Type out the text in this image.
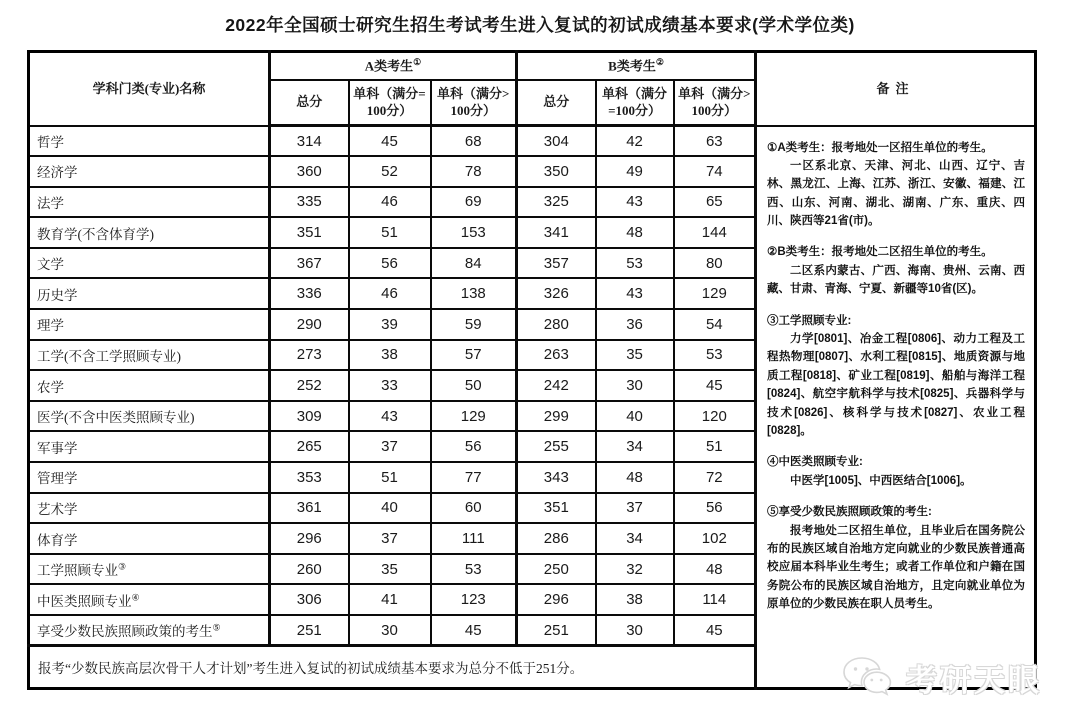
2022年全国硕士研究生招生考试考生进入复试的初试成绩基本要求(学术学位类)
学科门类(专业)名称	A类考生①			B类考生②			备注
	总分	单科（满分=100分）	单科（满分>100分）	总分	单科（满分=100分）	单科（满分>100分）	
哲学	314	45	68	304	42	63	①A类考生：报考地处一区招生单位的考生。

一区系北京、天津、河北、山西、辽宁、吉林、黑龙江、上海、江苏、浙江、安徽、福建、江西、山东、河南、湖北、湖南、广东、重庆、四川、陕西等21省(市)。

②B类考生：报考地处二区招生单位的考生。

二区系内蒙古、广西、海南、贵州、云南、西藏、甘肃、青海、宁夏、新疆等10省(区)。

③工学照顾专业:

力学[0801]、冶金工程[0806]、动力工程及工程热物理[0807]、水利工程[0815]、地质资源与地质工程[0818]、矿业工程[0819]、船舶与海洋工程[0824]、航空宇航科学与技术[0825]、兵器科学与技术[0826]、核科学与技术[0827]、农业工程[0828]。

④中医类照顾专业:

中医学[1005]、中西医结合[1006]。

⑤享受少数民族照顾政策的考生:

报考地处二区招生单位，且毕业后在国务院公布的民族区域自治地方定向就业的少数民族普通高校应届本科毕业生考生；或者工作单位和户籍在国务院公布的民族区域自治地方，且定向就业单位为原单位的少数民族在职人员考生。

经济学	360	52	78	350	49	74	
法学	335	46	69	325	43	65	
教育学(不含体育学)	351	51	153	341	48	144	
文学	367	56	84	357	53	80	
历史学	336	46	138	326	43	129	
理学	290	39	59	280	36	54	
工学(不含工学照顾专业)	273	38	57	263	35	53	
农学	252	33	50	242	30	45	
医学(不含中医类照顾专业)	309	43	129	299	40	120	
军事学	265	37	56	255	34	51	
管理学	353	51	77	343	48	72	
艺术学	361	40	60	351	37	56	
体育学	296	37	111	286	34	102	
工学照顾专业③	260	35	53	250	32	48	
中医类照顾专业④	306	41	123	296	38	114	
享受少数民族照顾政策的考生⑤	251	30	45	251	30	45	
报考“少数民族高层次骨干人才计划”考生进入复试的初试成绩基本要求为总分不低于251分。								考研天眼
